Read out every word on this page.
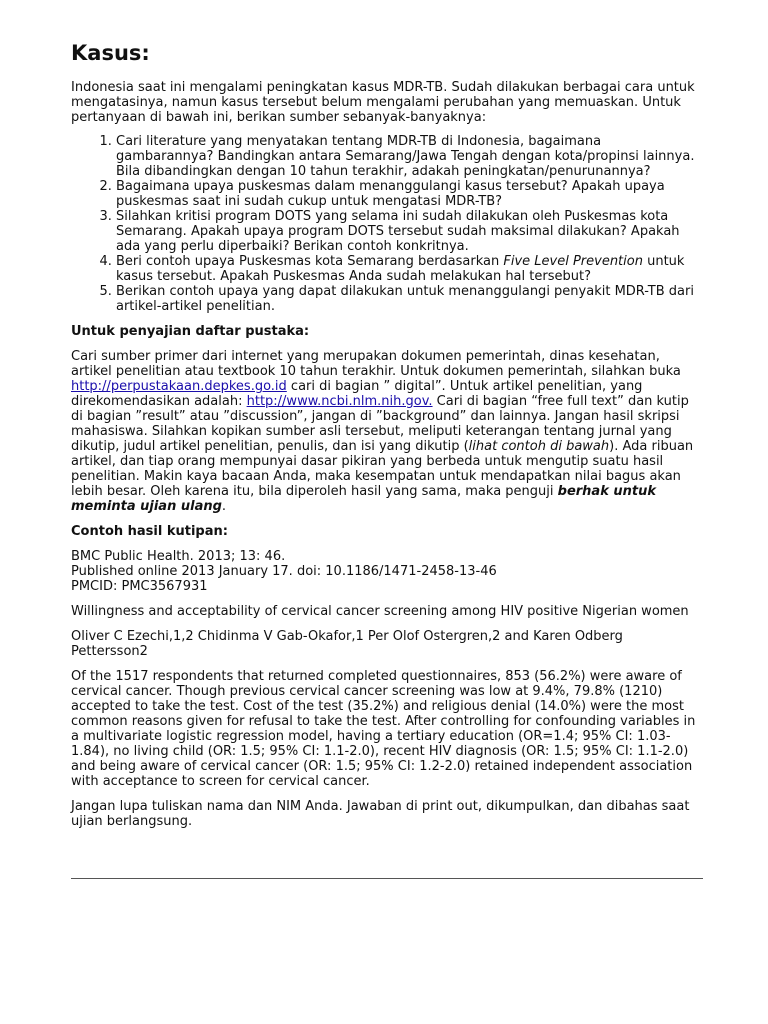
Kasus:

Indonesia saat ini mengalami peningkatan kasus MDR-TB. Sudah dilakukan berbagai cara untuk mengatasinya, namun kasus tersebut belum mengalami perubahan yang memuaskan. Untuk pertanyaan di bawah ini, berikan sumber sebanyak-banyaknya:

1. Cari literature yang menyatakan tentang MDR-TB di Indonesia, bagaimana gambarannya? Bandingkan antara Semarang/Jawa Tengah dengan kota/propinsi lainnya. Bila dibandingkan dengan 10 tahun terakhir, adakah peningkatan/penurunannya?
2. Bagaimana upaya puskesmas dalam menanggulangi kasus tersebut? Apakah upaya puskesmas saat ini sudah cukup untuk mengatasi MDR-TB?
3. Silahkan kritisi program DOTS yang selama ini sudah dilakukan oleh Puskesmas kota Semarang. Apakah upaya program DOTS tersebut sudah maksimal dilakukan? Apakah ada yang perlu diperbaiki? Berikan contoh konkritnya.
4. Beri contoh upaya Puskesmas kota Semarang berdasarkan Five Level Prevention untuk kasus tersebut. Apakah Puskesmas Anda sudah melakukan hal tersebut?
5. Berikan contoh upaya yang dapat dilakukan untuk menanggulangi penyakit MDR-TB dari artikel-artikel penelitian.

Untuk penyajian daftar pustaka:

Cari sumber primer dari internet yang merupakan dokumen pemerintah, dinas kesehatan, artikel penelitian atau textbook 10 tahun terakhir. Untuk dokumen pemerintah, silahkan buka http://perpustakaan.depkes.go.id cari di bagian ” digital”. Untuk artikel penelitian, yang direkomendasikan adalah: http://www.ncbi.nlm.nih.gov. Cari di bagian “free full text” dan kutip di bagian ”result” atau ”discussion”, jangan di ”background” dan lainnya. Jangan hasil skripsi mahasiswa. Silahkan kopikan sumber asli tersebut, meliputi keterangan tentang jurnal yang dikutip, judul artikel penelitian, penulis, dan isi yang dikutip (lihat contoh di bawah). Ada ribuan artikel, dan tiap orang mempunyai dasar pikiran yang berbeda untuk mengutip suatu hasil penelitian. Makin kaya bacaan Anda, maka kesempatan untuk mendapatkan nilai bagus akan lebih besar. Oleh karena itu, bila diperoleh hasil yang sama, maka penguji berhak untuk meminta ujian ulang.

Contoh hasil kutipan:

BMC Public Health. 2013; 13: 46.
Published online 2013 January 17. doi: 10.1186/1471-2458-13-46
PMCID: PMC3567931

Willingness and acceptability of cervical cancer screening among HIV positive Nigerian women

Oliver C Ezechi,1,2 Chidinma V Gab-Okafor,1 Per Olof Ostergren,2 and Karen Odberg Pettersson2

Of the 1517 respondents that returned completed questionnaires, 853 (56.2%) were aware of cervical cancer. Though previous cervical cancer screening was low at 9.4%, 79.8% (1210) accepted to take the test. Cost of the test (35.2%) and religious denial (14.0%) were the most common reasons given for refusal to take the test. After controlling for confounding variables in a multivariate logistic regression model, having a tertiary education (OR=1.4; 95% CI: 1.03-1.84), no living child (OR: 1.5; 95% CI: 1.1-2.0), recent HIV diagnosis (OR: 1.5; 95% CI: 1.1-2.0) and being aware of cervical cancer (OR: 1.5; 95% CI: 1.2-2.0) retained independent association with acceptance to screen for cervical cancer.

Jangan lupa tuliskan nama dan NIM Anda. Jawaban di print out, dikumpulkan, dan dibahas saat ujian berlangsung.
